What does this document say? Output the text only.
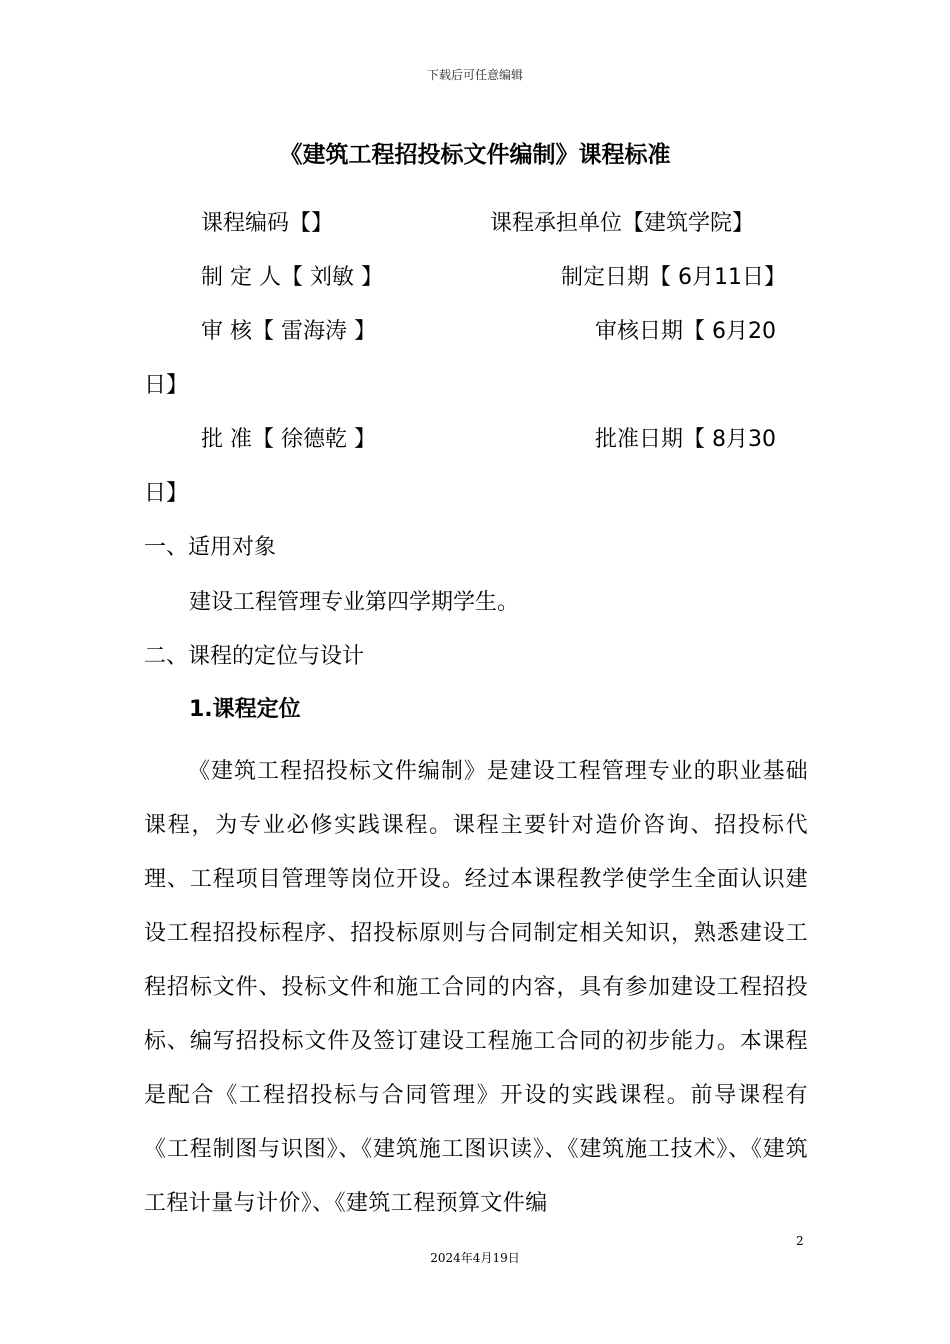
下载后可任意编辑
《建筑工程招投标文件编制》课程标准
课程编码【】	课程承担单位【建筑学院】
制 定 人【 刘敏 】	制定日期【 6月11日】
审 核【 雷海涛 】	审核日期【 6月20
日】
批 准【 徐德乾 】	批准日期【 8月30
日】
一、适用对象
建设工程管理专业第四学期学生。
二、课程的定位与设计
1.课程定位
《建筑工程招投标文件编制》是建设工程管理专业的职业基础课程，为专业必修实践课程。课程主要针对造价咨询、招投标代理、工程项目管理等岗位开设。经过本课程教学使学生全面认识建设工程招投标程序、招投标原则与合同制定相关知识，熟悉建设工程招标文件、投标文件和施工合同的内容，具有参加建设工程招投标、编写招投标文件及签订建设工程施工合同的初步能力。本课程是配合《工程招投标与合同管理》开设的实践课程。前导课程有《工程制图与识图》、《建筑施工图识读》、《建筑施工技术》、《建筑工程计量与计价》、《建筑工程预算文件编
2
2024年4月19日
